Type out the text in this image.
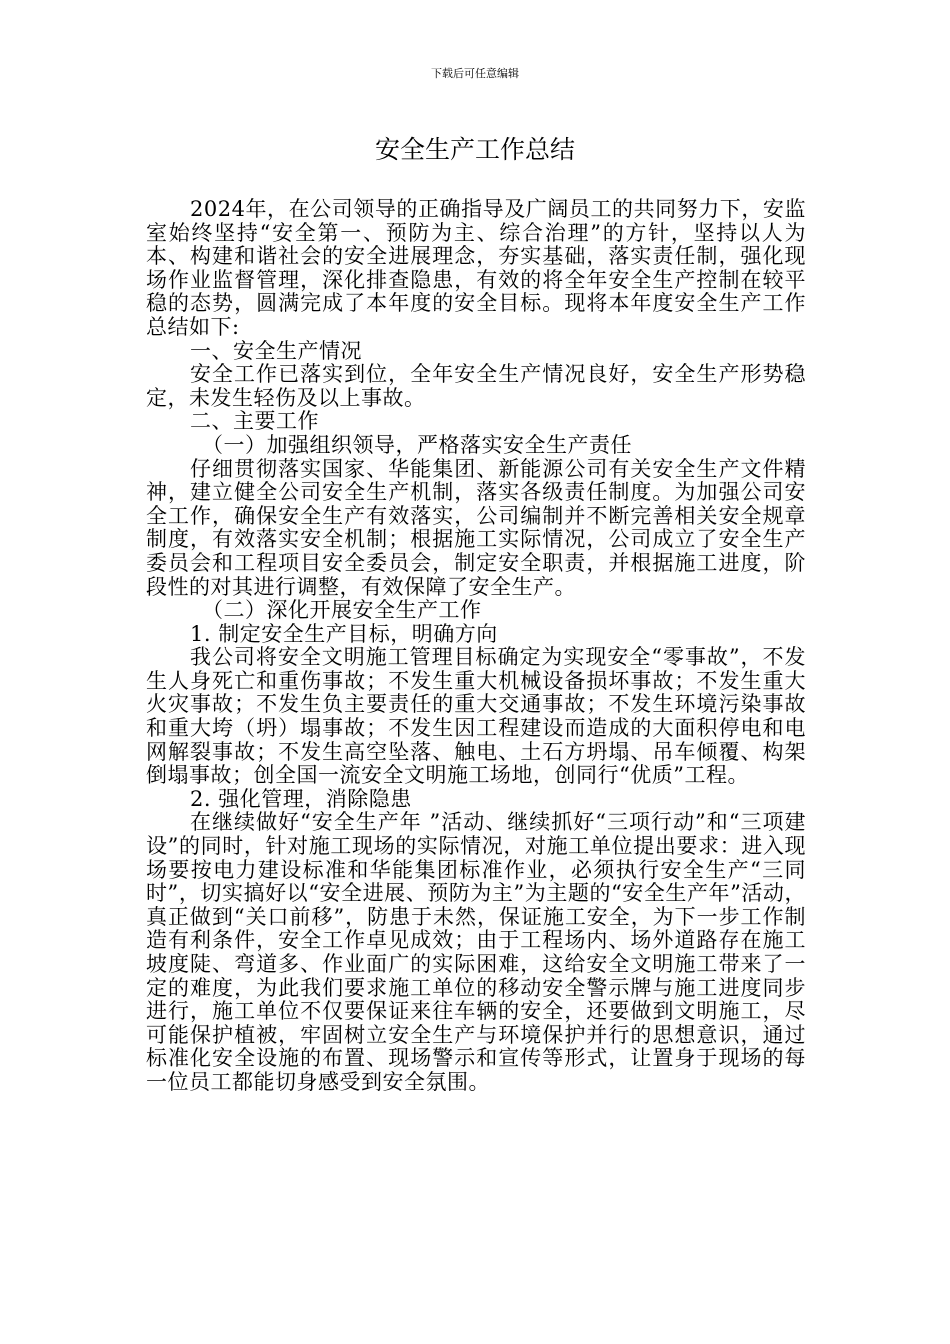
下载后可任意编辑
安全生产工作总结

2024年，在公司领导的正确指导及广阔员工的共同努力下，安监室始终坚持“安全第一、预防为主、综合治理”的方针，坚持以人为本、构建和谐社会的安全进展理念，夯实基础，落实责任制，强化现场作业监督管理，深化排查隐患，有效的将全年安全生产控制在较平稳的态势，圆满完成了本年度的安全目标。现将本年度安全生产工作总结如下:

一、安全生产情况

安全工作已落实到位，全年安全生产情况良好，安全生产形势稳定，未发生轻伤及以上事故。

二、主要工作

（一）加强组织领导，严格落实安全生产责任

仔细贯彻落实国家、华能集团、新能源公司有关安全生产文件精神，建立健全公司安全生产机制，落实各级责任制度。为加强公司安全工作，确保安全生产有效落实，公司编制并不断完善相关安全规章制度，有效落实安全机制；根据施工实际情况，公司成立了安全生产委员会和工程项目安全委员会，制定安全职责，并根据施工进度，阶段性的对其进行调整，有效保障了安全生产。

（二）深化开展安全生产工作

1. 制定安全生产目标，明确方向

我公司将安全文明施工管理目标确定为实现安全“零事故”，不发生人身死亡和重伤事故；不发生重大机械设备损坏事故；不发生重大火灾事故；不发生负主要责任的重大交通事故；不发生环境污染事故和重大垮（坍）塌事故；不发生因工程建设而造成的大面积停电和电网解裂事故；不发生高空坠落、触电、土石方坍塌、吊车倾覆、构架倒塌事故；创全国一流安全文明施工场地，创同行“优质”工程。

2. 强化管理，消除隐患

在继续做好“安全生产年 ”活动、继续抓好“三项行动”和“三项建设”的同时，针对施工现场的实际情况，对施工单位提出要求：进入现场要按电力建设标准和华能集团标准作业，必须执行安全生产“三同时”，切实搞好以“安全进展、预防为主”为主题的“安全生产年”活动，真正做到“关口前移”，防患于未然，保证施工安全，为下一步工作制造有利条件，安全工作卓见成效；由于工程场内、场外道路存在施工坡度陡、弯道多、作业面广的实际困难，这给安全文明施工带来了一定的难度，为此我们要求施工单位的移动安全警示牌与施工进度同步进行，施工单位不仅要保证来往车辆的安全，还要做到文明施工，尽可能保护植被，牢固树立安全生产与环境保护并行的思想意识，通过标准化安全设施的布置、现场警示和宣传等形式，让置身于现场的每一位员工都能切身感受到安全氛围。
